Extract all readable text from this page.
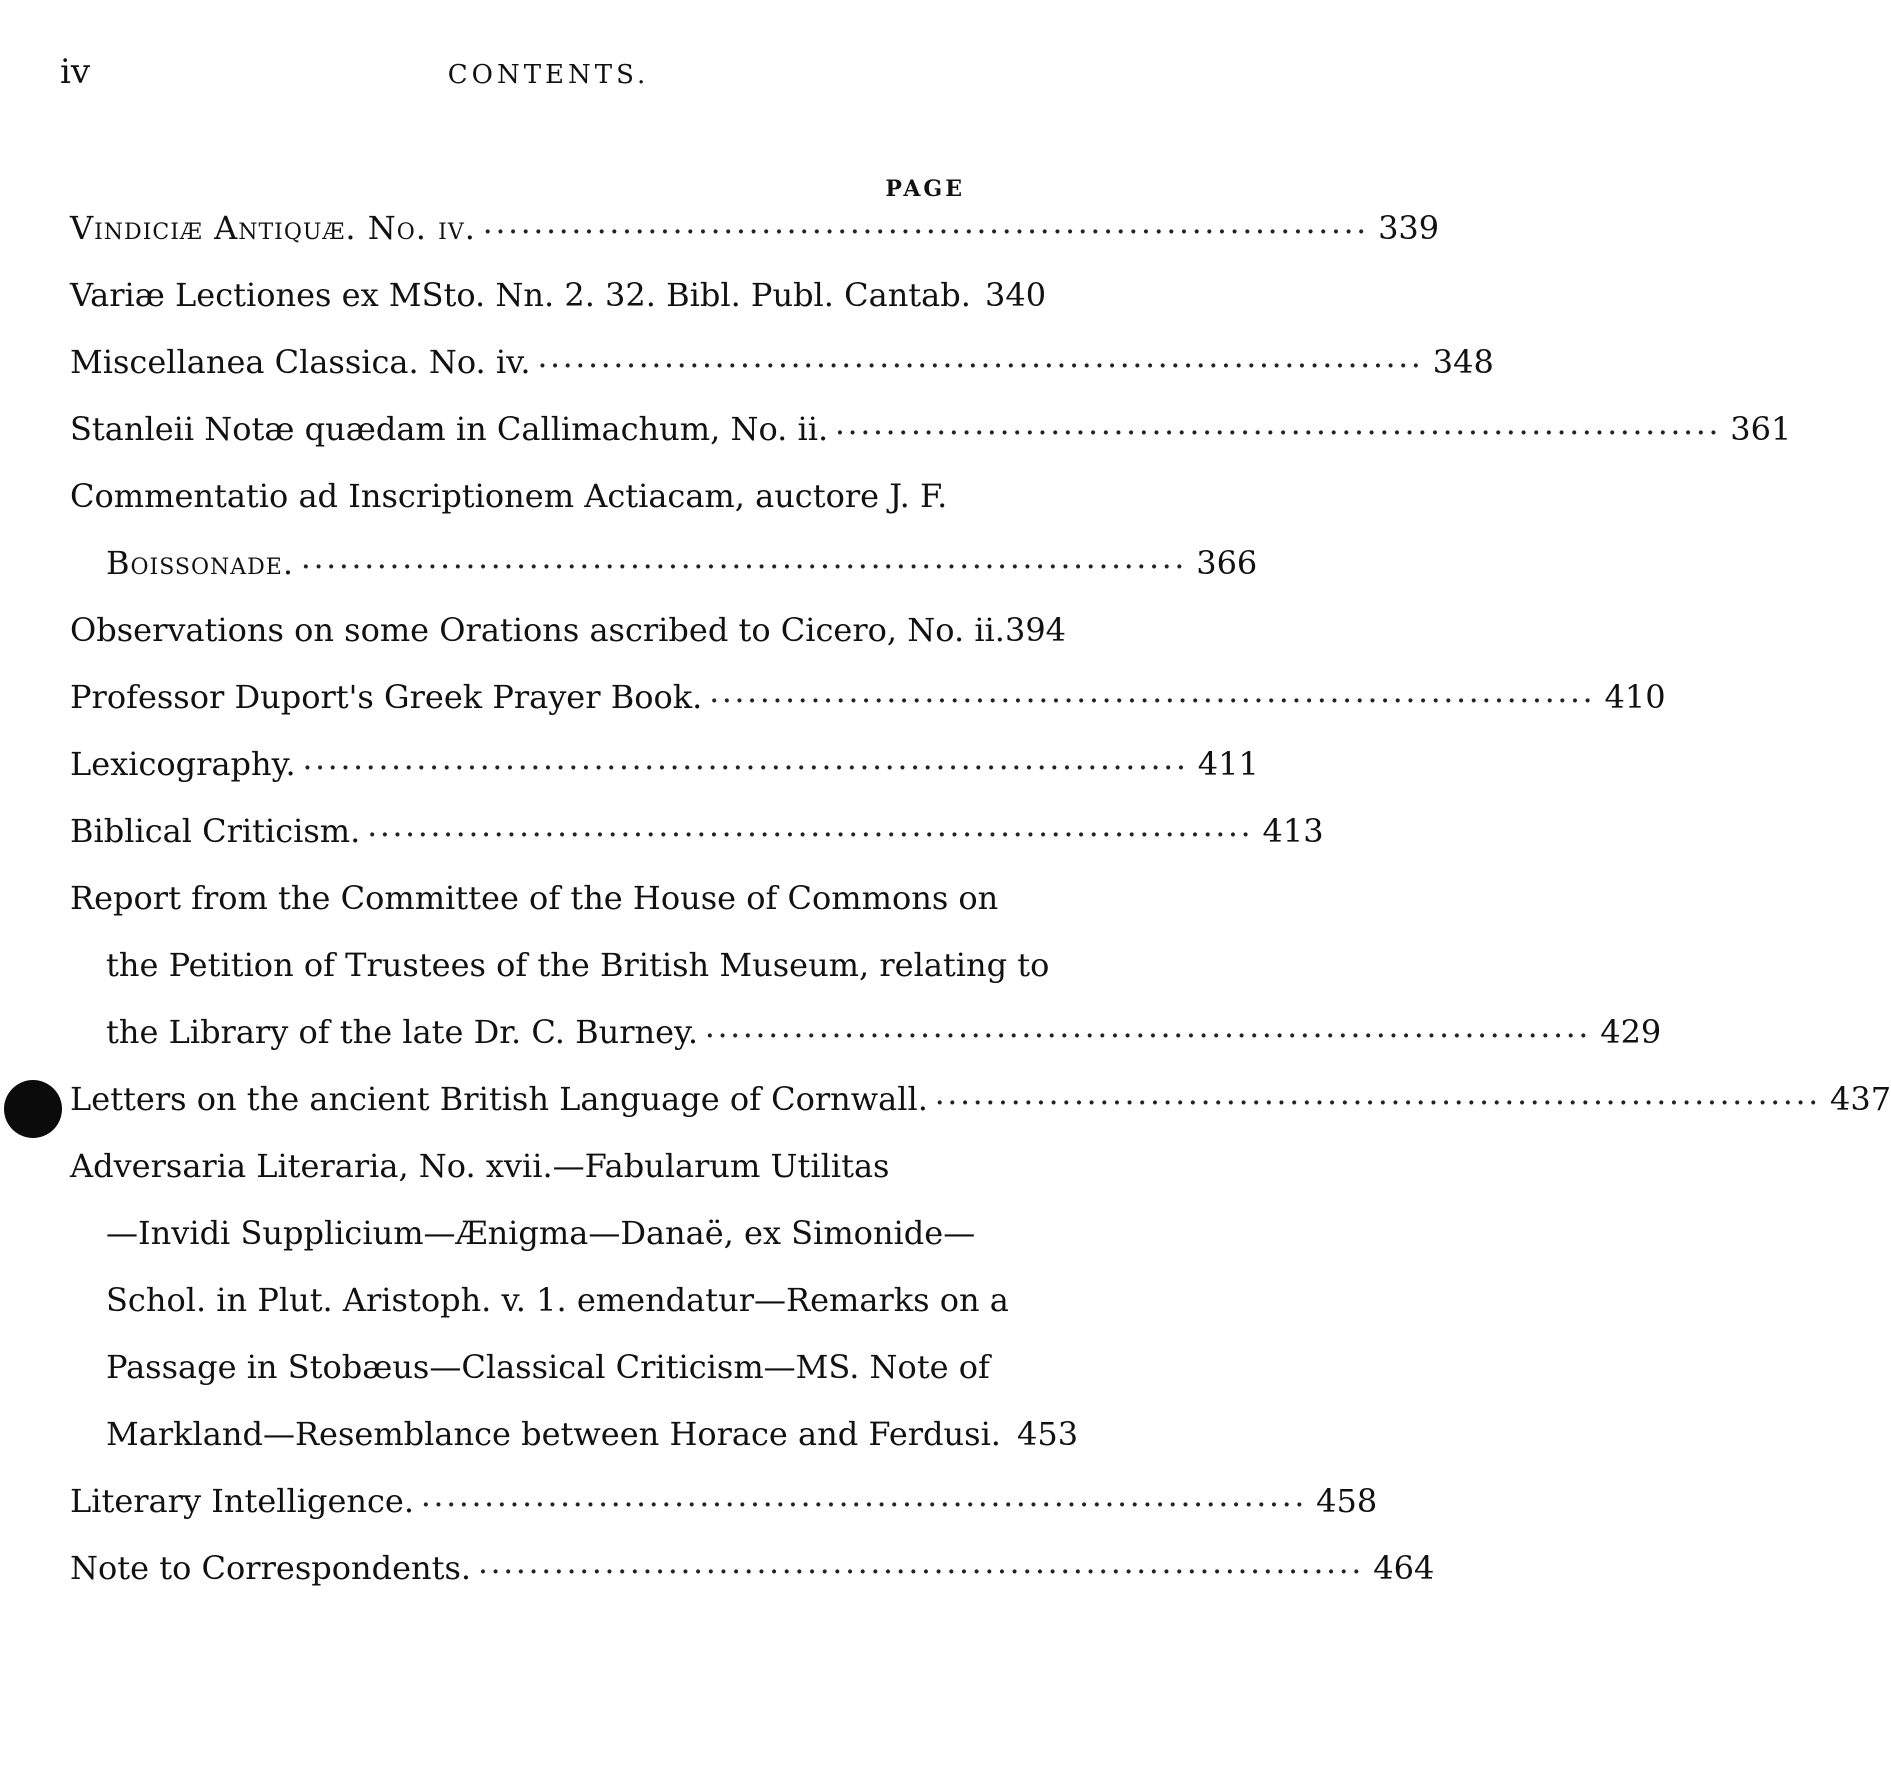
iv	CONTENTS.
PAGE
Vindiciæ Antiquæ. No. iv. ······································································ 339
Variæ Lectiones ex MSto. Nn. 2. 32. Bibl. Publ. Cantab. 340
Miscellanea Classica. No. iv. ······································································ 348
Stanleii Notæ quædam in Callimachum, No. ii. ······································································ 361
Commentatio ad Inscriptionem Actiacam, auctore J. F.
Boissonade. ······································································ 366
Observations on some Orations ascribed to Cicero, No. ii. 394
Professor Duport's Greek Prayer Book. ······································································ 410
Lexicography. ······································································ 411
Biblical Criticism. ······································································ 413
Report from the Committee of the House of Commons on
the Petition of Trustees of the British Museum, relating to
the Library of the late Dr. C. Burney. ······································································ 429
Letters on the ancient British Language of Cornwall. ······································································ 437
Adversaria Literaria, No. xvii.—Fabularum Utilitas
—Invidi Supplicium—Ænigma—Danaë, ex Simonide—
Schol. in Plut. Aristoph. v. 1. emendatur—Remarks on a
Passage in Stobæus—Classical Criticism—MS. Note of
Markland—Resemblance between Horace and Ferdusi. 453
Literary Intelligence. ······································································ 458
Note to Correspondents. ······································································ 464
